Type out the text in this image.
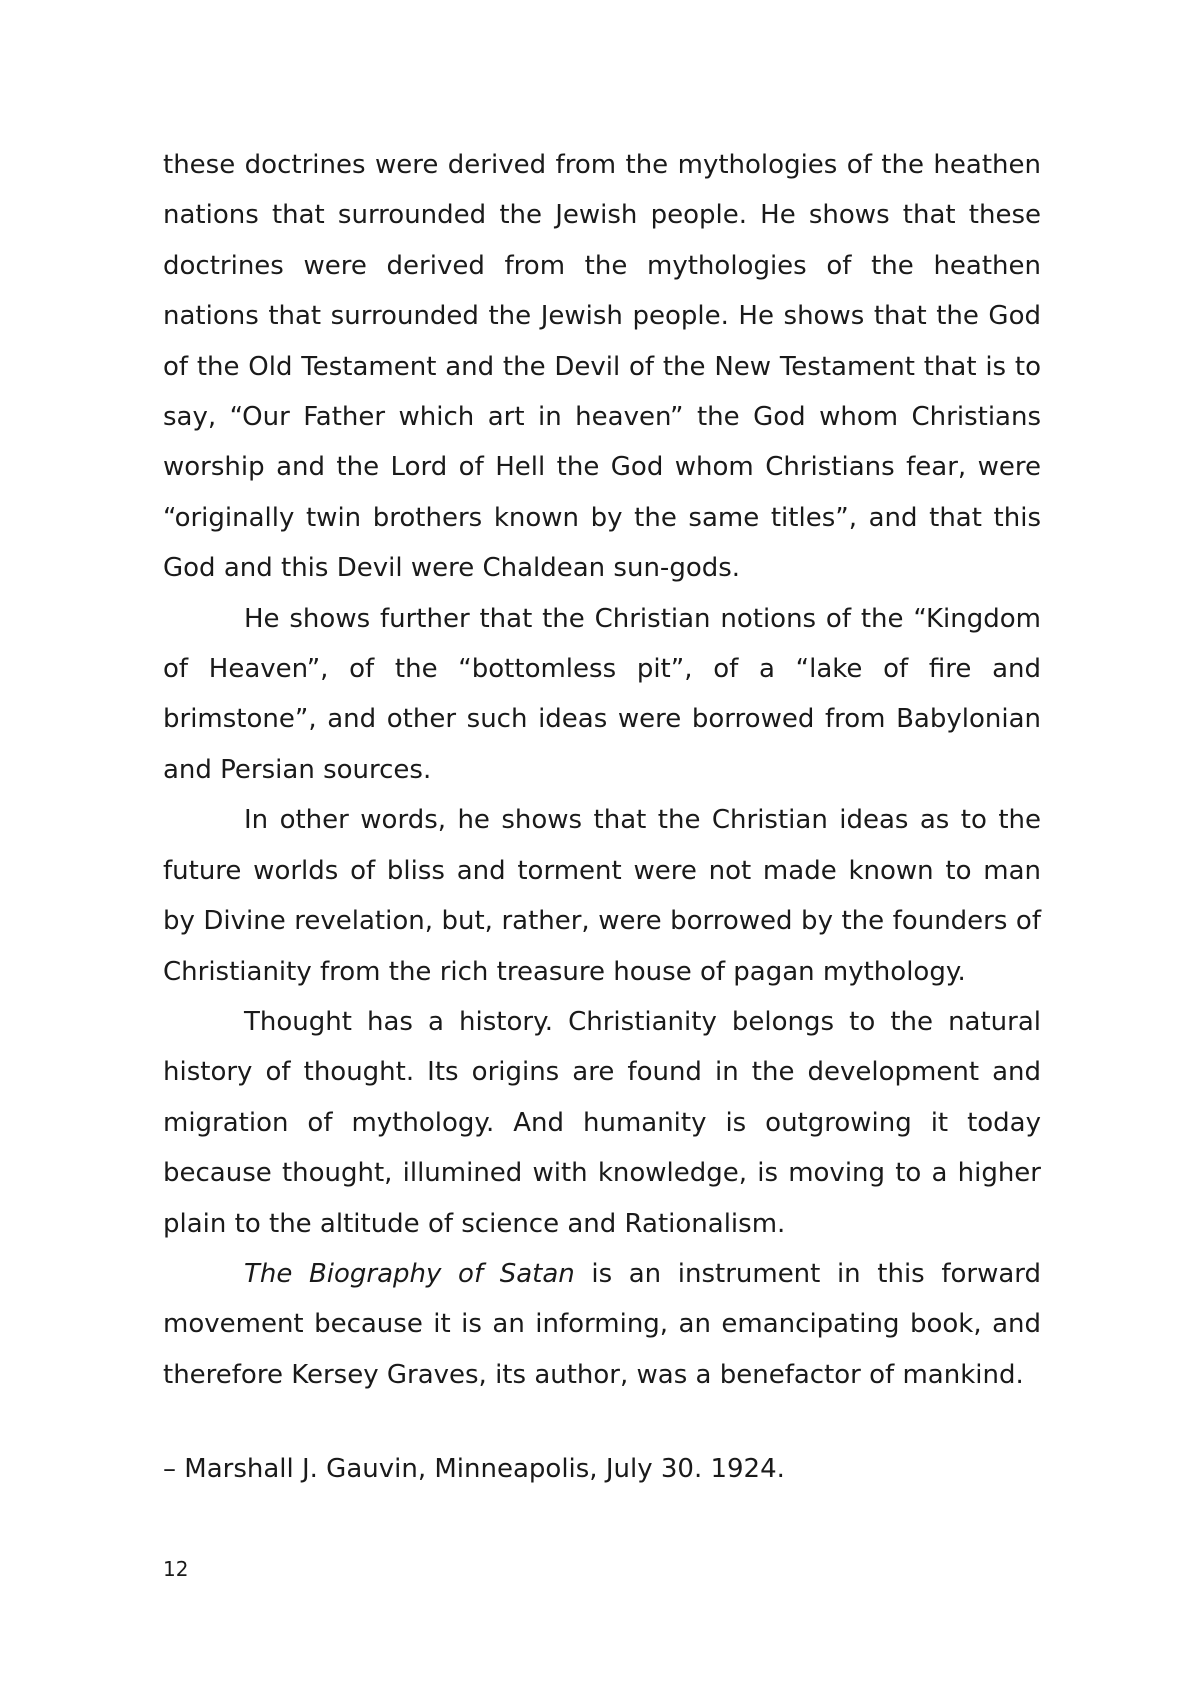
these doctrines were derived from the mythologies of the heathen nations that surrounded the Jewish people. He shows that these doctrines were derived from the mythologies of the heathen nations that surrounded the Jewish people. He shows that the God of the Old Testament and the Devil of the New Testament that is to say, “Our Father which art in heaven” the God whom Christians worship and the Lord of Hell the God whom Christians fear, were “originally twin brothers known by the same titles”, and that this God and this Devil were Chaldean sun-gods.

He shows further that the Christian notions of the “Kingdom of Heaven”, of the “bottomless pit”, of a “lake of fire and brimstone”, and other such ideas were borrowed from Babylonian and Persian sources.

In other words, he shows that the Christian ideas as to the future worlds of bliss and torment were not made known to man by Divine revelation, but, rather, were borrowed by the founders of Christianity from the rich treasure house of pagan mythology.

Thought has a history. Christianity belongs to the natural history of thought. Its origins are found in the development and migration of mythology. And humanity is outgrowing it today because thought, illumined with knowledge, is moving to a higher plain to the altitude of science and Rationalism.

The Biography of Satan is an instrument in this forward movement because it is an informing, an emancipating book, and therefore Kersey Graves, its author, was a benefactor of mankind.

– Marshall J. Gauvin, Minneapolis, July 30. 1924.
12
